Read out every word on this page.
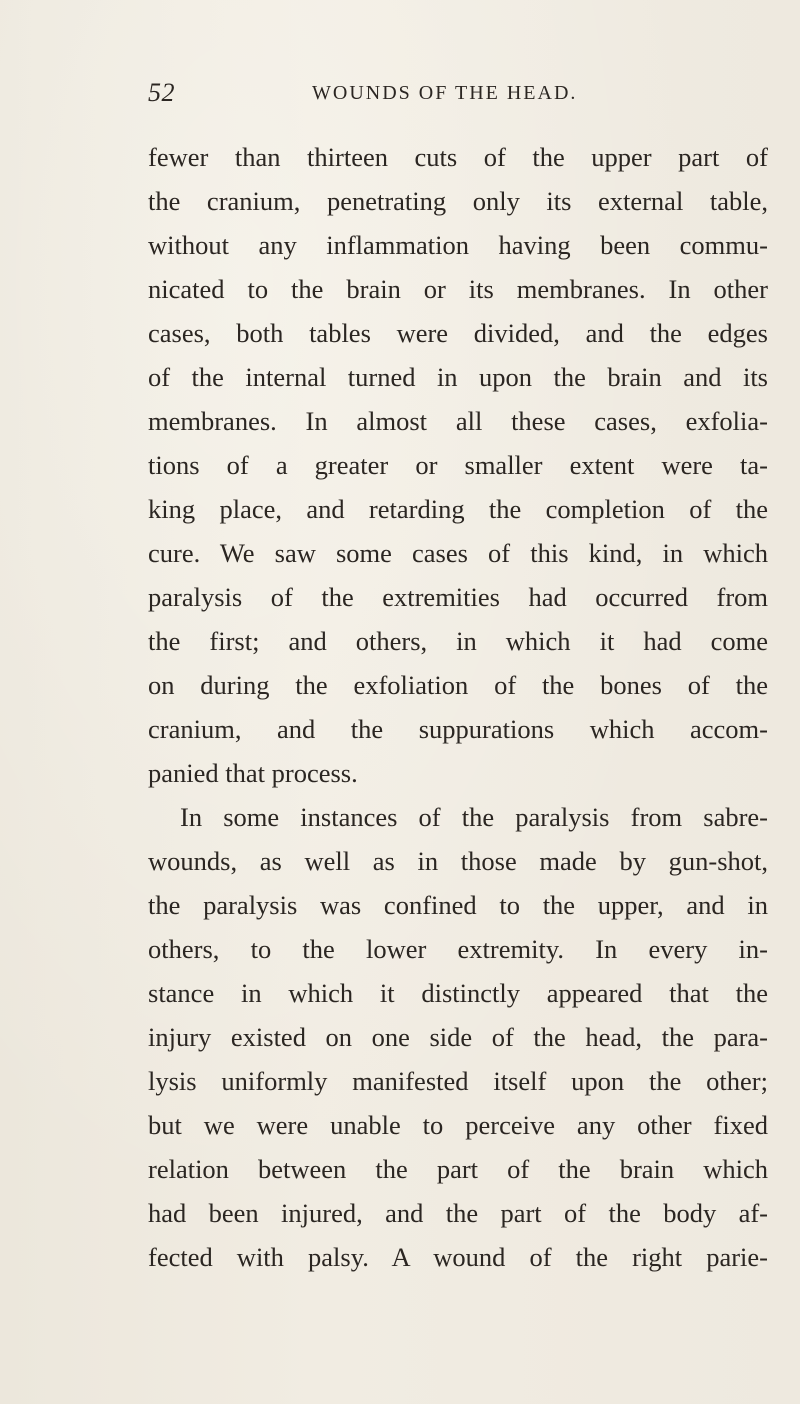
52	WOUNDS OF THE HEAD.
fewer than thirteen cuts of the upper part of
the cranium, penetrating only its external table,
without any inflammation having been commu-
nicated to the brain or its membranes. In other
cases, both tables were divided, and the edges
of the internal turned in upon the brain and its
membranes. In almost all these cases, exfolia-
tions of a greater or smaller extent were ta-
king place, and retarding the completion of the
cure. We saw some cases of this kind, in which
paralysis of the extremities had occurred from
the first; and others, in which it had come
on during the exfoliation of the bones of the
cranium, and the suppurations which accom-
panied that process.
In some instances of the paralysis from sabre-
wounds, as well as in those made by gun-shot,
the paralysis was confined to the upper, and in
others, to the lower extremity. In every in-
stance in which it distinctly appeared that the
injury existed on one side of the head, the para-
lysis uniformly manifested itself upon the other;
but we were unable to perceive any other fixed
relation between the part of the brain which
had been injured, and the part of the body af-
fected with palsy. A wound of the right parie-
